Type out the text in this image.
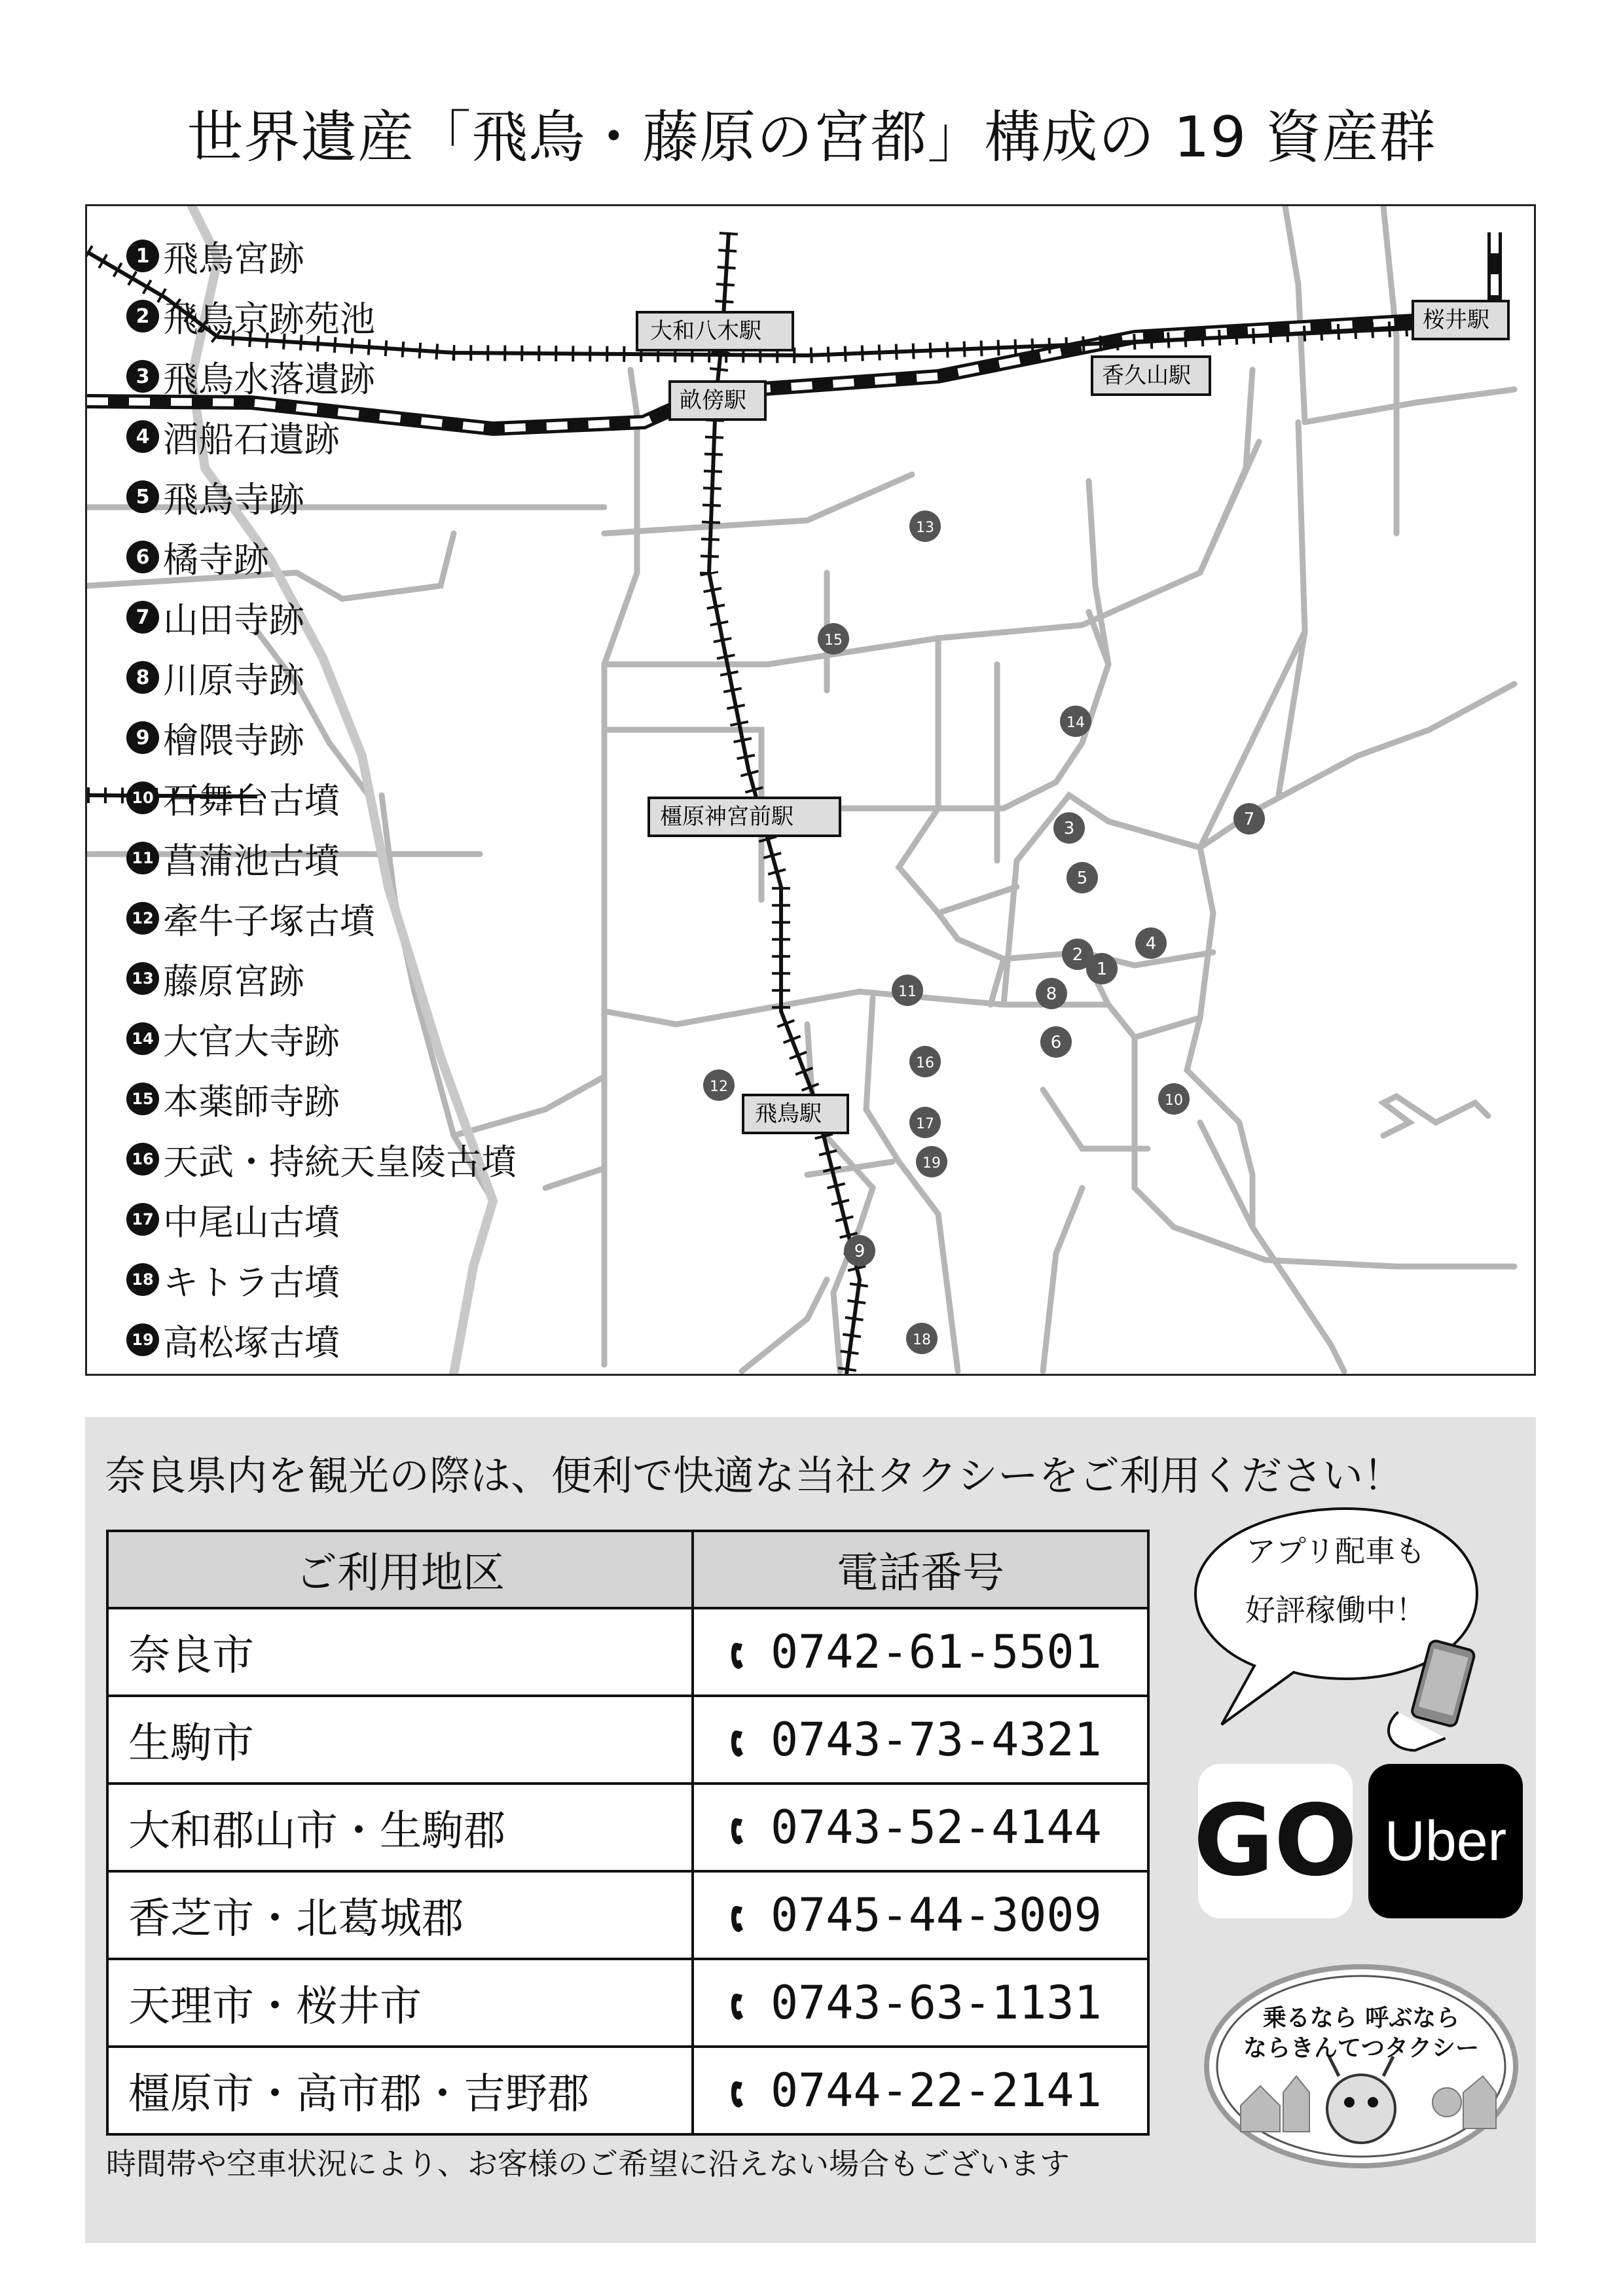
世界遺産「飛鳥・藤原の宮都」構成の 19 資産群
大和八木駅	桜井駅
畝傍駅
香久山駅
橿原神宮前駅
飛鳥駅
13
15
14
7
3
5
4
2
1
11	8
6
16
12
10
17
19
9
18
1 飛鳥宮跡
2 飛鳥京跡苑池
3 飛鳥水落遺跡
4 酒船石遺跡
5 飛鳥寺跡
6 橘寺跡
7 山田寺跡
8 川原寺跡
9 檜隈寺跡
10 石舞台古墳
11 菖蒲池古墳
12 牽牛子塚古墳
13 藤原宮跡
14 大官大寺跡
15 本薬師寺跡
16 天武・持統天皇陵古墳
17 中尾山古墳
18 キトラ古墳
19 高松塚古墳
奈良県内を観光の際は、便利で快適な当社タクシーをご利用ください！
ご利用地区	電話番号
奈良市	0742-61-5501
生駒市	0743-73-4321
大和郡山市・生駒郡	0743-52-4144
香芝市・北葛城郡	0745-44-3009
天理市・桜井市	0743-63-1131
橿原市・高市郡・吉野郡	0744-22-2141
時間帯や空車状況により、お客様のご希望に沿えない場合もございます
アプリ配車も
好評稼働中！
GO Uber
乗るなら 呼ぶなら
ならきんてつタクシー
